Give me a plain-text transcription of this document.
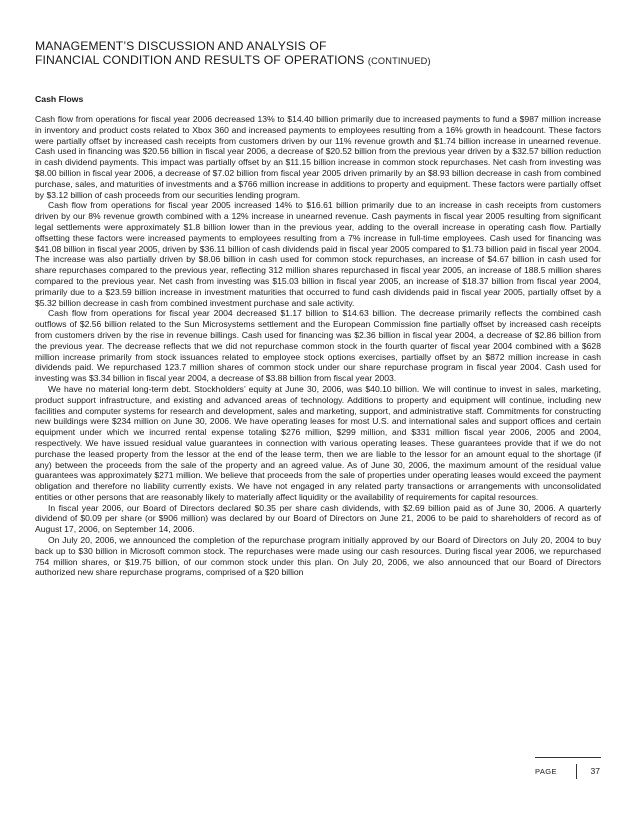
MANAGEMENT’S DISCUSSION AND ANALYSIS OF
FINANCIAL CONDITION AND RESULTS OF OPERATIONS (CONTINUED)
Cash Flows

Cash flow from operations for fiscal year 2006 decreased 13% to $14.40 billion primarily due to increased payments to fund a $987 million increase in inventory and product costs related to Xbox 360 and increased payments to employees resulting from a 16% growth in headcount. These factors were partially offset by increased cash receipts from customers driven by our 11% revenue growth and $1.74 billion increase in unearned revenue. Cash used in financing was $20.56 billion in fiscal year 2006, a decrease of $20.52 billion from the previous year driven by a $32.57 billion reduction in cash dividend payments. This impact was partially offset by an $11.15 billion increase in common stock repurchases. Net cash from investing was $8.00 billion in fiscal year 2006, a decrease of $7.02 billion from fiscal year 2005 driven primarily by an $8.93 billion decrease in cash from combined purchase, sales, and maturities of investments and a $766 million increase in additions to property and equipment. These factors were partially offset by $3.12 billion of cash proceeds from our securities lending program.

Cash flow from operations for fiscal year 2005 increased 14% to $16.61 billion primarily due to an increase in cash receipts from customers driven by our 8% revenue growth combined with a 12% increase in unearned revenue. Cash payments in fiscal year 2005 resulting from significant legal settlements were approximately $1.8 billion lower than in the previous year, adding to the overall increase in operating cash flow. Partially offsetting these factors were increased payments to employees resulting from a 7% increase in full-time employees. Cash used for financing was $41.08 billion in fiscal year 2005, driven by $36.11 billion of cash dividends paid in fiscal year 2005 compared to $1.73 billion paid in fiscal year 2004. The increase was also partially driven by $8.06 billion in cash used for common stock repurchases, an increase of $4.67 billion in cash used for share repurchases compared to the previous year, reflecting 312 million shares repurchased in fiscal year 2005, an increase of 188.5 million shares compared to the previous year. Net cash from investing was $15.03 billion in fiscal year 2005, an increase of $18.37 billion from fiscal year 2004, primarily due to a $23.59 billion increase in investment maturities that occurred to fund cash dividends paid in fiscal year 2005, partially offset by a $5.32 billion decrease in cash from combined investment purchase and sale activity.

Cash flow from operations for fiscal year 2004 decreased $1.17 billion to $14.63 billion. The decrease primarily reflects the combined cash outflows of $2.56 billion related to the Sun Microsystems settlement and the European Commission fine partially offset by increased cash receipts from customers driven by the rise in revenue billings. Cash used for financing was $2.36 billion in fiscal year 2004, a decrease of $2.86 billion from the previous year. The decrease reflects that we did not repurchase common stock in the fourth quarter of fiscal year 2004 combined with a $628 million increase primarily from stock issuances related to employee stock options exercises, partially offset by an $872 million increase in cash dividends paid. We repurchased 123.7 million shares of common stock under our share repurchase program in fiscal year 2004. Cash used for investing was $3.34 billion in fiscal year 2004, a decrease of $3.88 billion from fiscal year 2003.

We have no material long-term debt. Stockholders’ equity at June 30, 2006, was $40.10 billion. We will continue to invest in sales, marketing, product support infrastructure, and existing and advanced areas of technology. Additions to property and equipment will continue, including new facilities and computer systems for research and development, sales and marketing, support, and administrative staff. Commitments for constructing new buildings were $234 million on June 30, 2006. We have operating leases for most U.S. and international sales and support offices and certain equipment under which we incurred rental expense totaling $276 million, $299 million, and $331 million fiscal year 2006, 2005 and 2004, respectively. We have issued residual value guarantees in connection with various operating leases. These guarantees provide that if we do not purchase the leased property from the lessor at the end of the lease term, then we are liable to the lessor for an amount equal to the shortage (if any) between the proceeds from the sale of the property and an agreed value. As of June 30, 2006, the maximum amount of the residual value guarantees was approximately $271 million. We believe that proceeds from the sale of properties under operating leases would exceed the payment obligation and therefore no liability currently exists. We have not engaged in any related party transactions or arrangements with unconsolidated entities or other persons that are reasonably likely to materially affect liquidity or the availability of requirements for capital resources.

In fiscal year 2006, our Board of Directors declared $0.35 per share cash dividends, with $2.69 billion paid as of June 30, 2006. A quarterly dividend of $0.09 per share (or $906 million) was declared by our Board of Directors on June 21, 2006 to be paid to shareholders of record as of August 17, 2006, on September 14, 2006.

On July 20, 2006, we announced the completion of the repurchase program initially approved by our Board of Directors on July 20, 2004 to buy back up to $30 billion in Microsoft common stock. The repurchases were made using our cash resources. During fiscal year 2006, we repurchased 754 million shares, or $19.75 billion, of our common stock under this plan. On July 20, 2006, we also announced that our Board of Directors authorized new share repurchase programs, comprised of a $20 billion

PAGE	37
